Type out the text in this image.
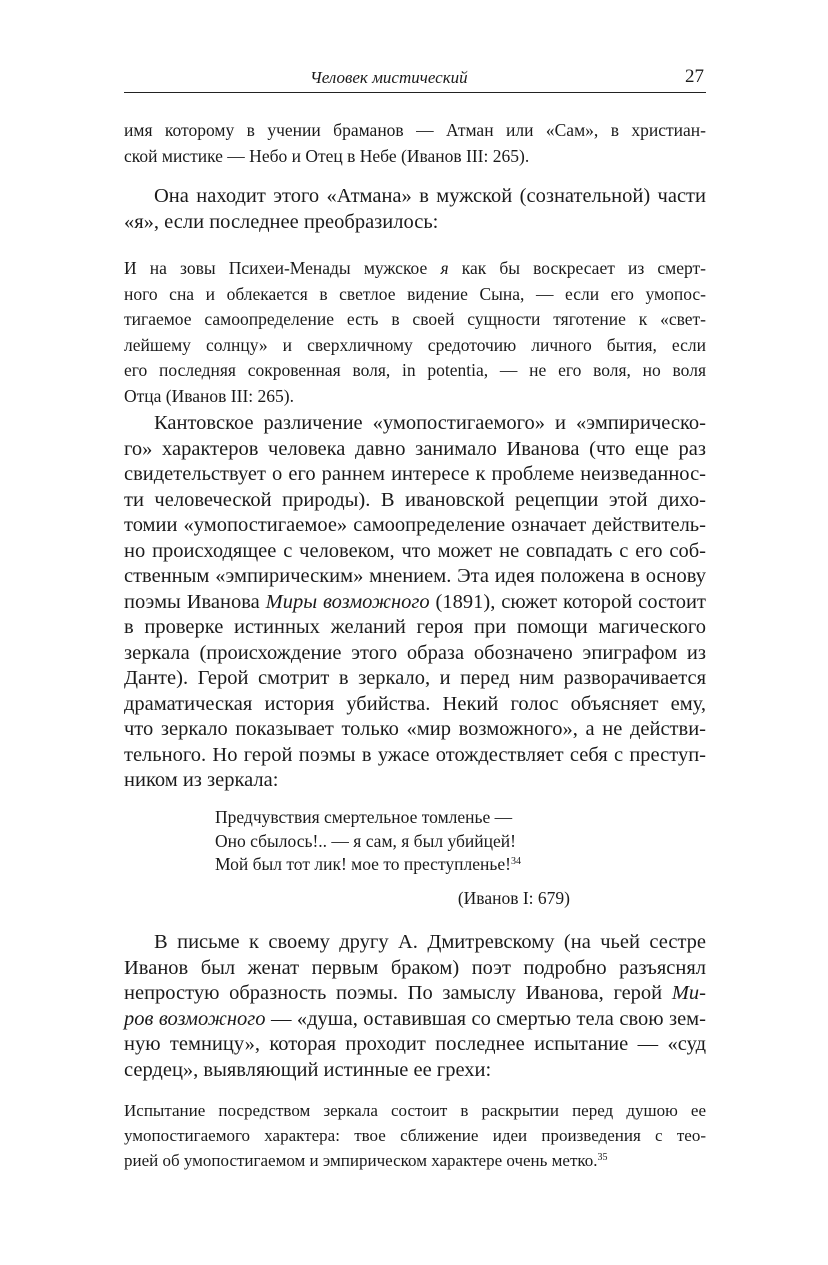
Человек мистический	27
имя которому в учении браманов — Атман или «Сам», в христиан-
ской мистике — Небо и Отец в Небе (Иванов III: 265).
Она находит этого «Атмана» в мужской (сознательной) части
«я», если последнее преобразилось:
И на зовы Психеи-Менады мужское я как бы воскресает из смерт-
ного сна и облекается в светлое видение Сына, — если его умопос-
тигаемое самоопределение есть в своей сущности тяготение к «свет-
лейшему солнцу» и сверхличному средоточию личного бытия, если
его последняя сокровенная воля, in potentia, — не его воля, но воля
Отца (Иванов III: 265).
Кантовское различение «умопостигаемого» и «эмпирическо-
го» характеров человека давно занимало Иванова (что еще раз
свидетельствует о его раннем интересе к проблеме неизведаннос-
ти человеческой природы). В ивановской рецепции этой дихо-
томии «умопостигаемое» самоопределение означает действитель-
но происходящее с человеком, что может не совпадать с его соб-
ственным «эмпирическим» мнением. Эта идея положена в основу
поэмы Иванова Миры возможного (1891), сюжет которой состоит
в проверке истинных желаний героя при помощи магического
зеркала (происхождение этого образа обозначено эпиграфом из
Данте). Герой смотрит в зеркало, и перед ним разворачивается
драматическая история убийства. Некий голос объясняет ему,
что зеркало показывает только «мир возможного», а не действи-
тельного. Но герой поэмы в ужасе отождествляет себя с преступ-
ником из зеркала:
Предчувствия смертельное томленье —
Оно сбылось!.. — я сам, я был убийцей!
Мой был тот лик! мое то преступленье!$^{34}$
(Иванов I: 679)
В письме к своему другу А. Дмитревскому (на чьей сестре
Иванов был женат первым браком) поэт подробно разъяснял
непростую образность поэмы. По замыслу Иванова, герой Ми-
ров возможного — «душа, оставившая со смертью тела свою зем-
ную темницу», которая проходит последнее испытание — «суд
сердец», выявляющий истинные ее грехи:
Испытание посредством зеркала состоит в раскрытии перед душою ее
умопостигаемого характера: твое сближение идеи произведения с тео-
рией об умопостигаемом и эмпирическом характере очень метко.$^{35}$
